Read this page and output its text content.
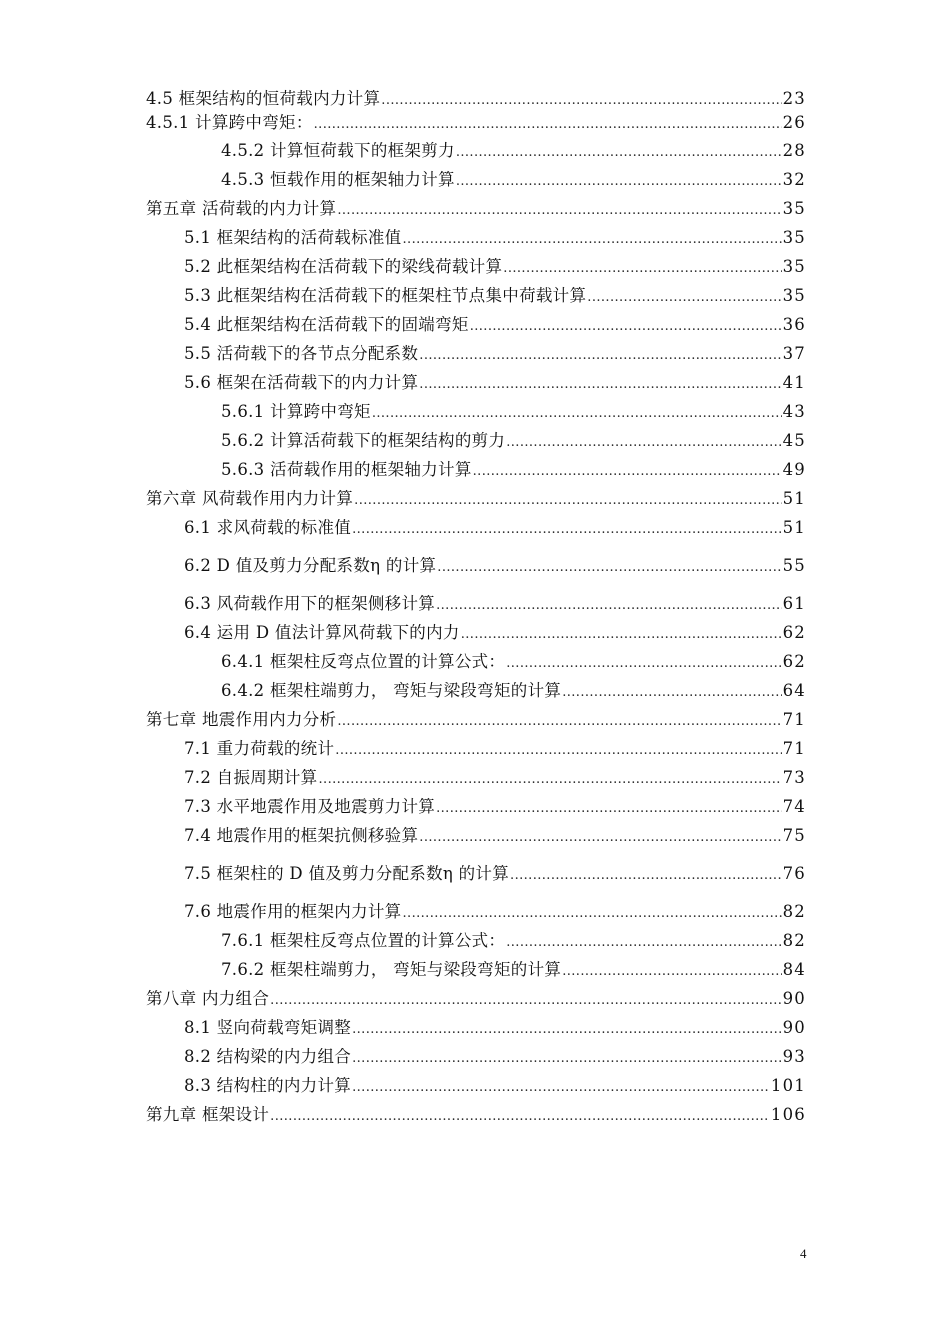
4.5 框架结构的恒荷载内力计算 .....	23
4.5.1 计算跨中弯矩： .....	26
4.5.2 计算恒荷载下的框架剪力 .....	28
4.5.3 恒载作用的框架轴力计算 .....	32
第五章 活荷载的内力计算 .....	35
5.1 框架结构的活荷载标准值 .....	35
5.2 此框架结构在活荷载下的梁线荷载计算 .....	35
5.3 此框架结构在活荷载下的框架柱节点集中荷载计算 .....	35
5.4 此框架结构在活荷载下的固端弯矩 .....	36
5.5 活荷载下的各节点分配系数 .....	37
5.6 框架在活荷载下的内力计算 .....	41
5.6.1 计算跨中弯矩 .....	43
5.6.2 计算活荷载下的框架结构的剪力 .....	45
5.6.3 活荷载作用的框架轴力计算 .....	49
第六章 风荷载作用内力计算 .....	51
6.1 求风荷载的标准值 .....	51
6.2 D 值及剪力分配系数η 的计算 .....	55
6.3 风荷载作用下的框架侧移计算 .....	61
6.4 运用 D 值法计算风荷载下的内力 .....	62
6.4.1 框架柱反弯点位置的计算公式： .....	62
6.4.2 框架柱端剪力， 弯矩与梁段弯矩的计算 .....	64
第七章 地震作用内力分析 .....	71
7.1 重力荷载的统计 .....	71
7.2 自振周期计算 .....	73
7.3 水平地震作用及地震剪力计算 .....	74
7.4 地震作用的框架抗侧移验算 .....	75
7.5 框架柱的 D 值及剪力分配系数η 的计算 .....	76
7.6 地震作用的框架内力计算 .....	82
7.6.1 框架柱反弯点位置的计算公式： .....	82
7.6.2 框架柱端剪力， 弯矩与梁段弯矩的计算 .....	84
第八章 内力组合 .....	90
8.1 竖向荷载弯矩调整 .....	90
8.2 结构梁的内力组合 .....	93
8.3 结构柱的内力计算 .....	101
第九章 框架设计 .....	106
4
